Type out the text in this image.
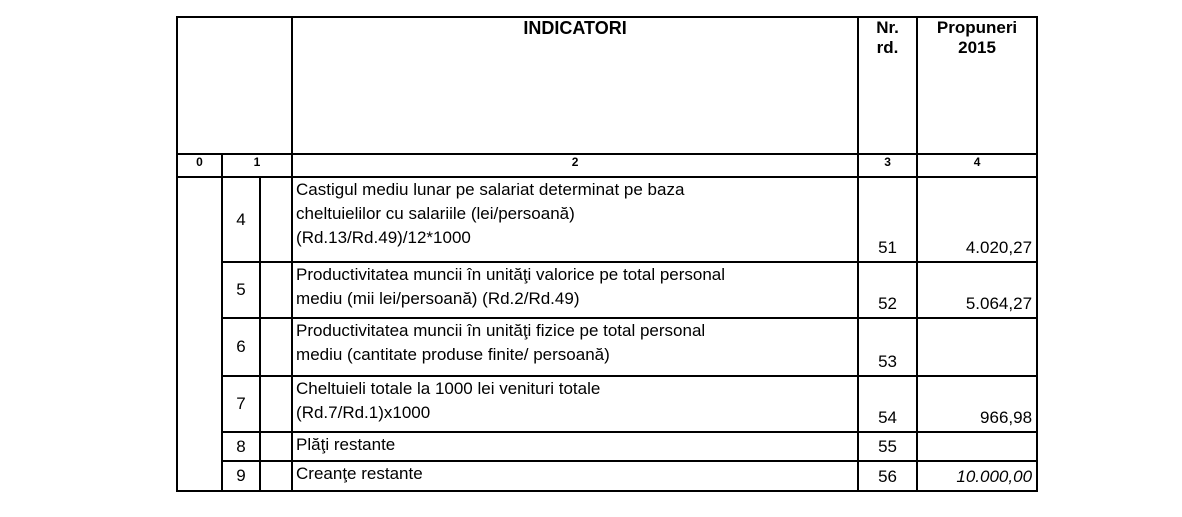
			INDICATORI	Nr. rd.	Propuneri 2015
0	1		2	3	4
	4		Castigul mediu lunar pe salariat determinat pe baza
cheltuielilor cu salariile (lei/persoană)
(Rd.13/Rd.49)/12*1000	51	4.020,27
	5		Productivitatea muncii în unităţi valorice pe total personal
mediu (mii lei/persoană) (Rd.2/Rd.49)	52	5.064,27
	6		Productivitatea muncii în unităţi fizice pe total personal
mediu (cantitate produse finite/ persoană)	53	
	7		Cheltuieli totale la 1000 lei venituri totale
(Rd.7/Rd.1)x1000	54	966,98
	8		Plăţi restante	55	
	9		Creanţe restante	56	10.000,00
